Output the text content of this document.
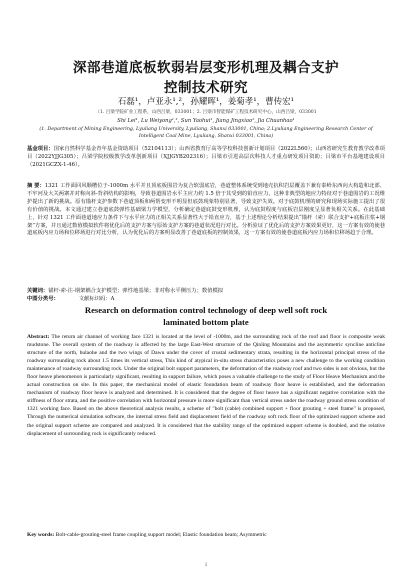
深部巷道底板软弱岩层变形机理及耦合支护
控制技术研究
石磊¹，卢亚永¹,²，孙耀晖¹，姜菊孝¹，曹传宏¹
（1. 吕梁学院矿业工程系，山西吕梁，033001；2. 吕梁市智能煤矿工程技术研究中心，山西吕梁，033001
Shi Lei¹, Lu Weiyong¹,², Sun Yaohui¹, Jiang Jingxiao¹, Jia Chuanhao¹
(1. Department of Mining Engineering, Lyuliang University, Lyuliang, Shanxi 033001, China; 2.Lyuliang Engineering Research Center of Intelligent Coal Mine, Lyuliang, Shanxi 033001, China)
基金项目：国家自然科学基金青年基金资助项目（52104113）；山西省教育厅高等学校科技创新计划项目（2022L560）；山西省研究生教育教学改革项目（2022YJJG305）；吕梁学院校级教学改革创新项目（XJJGYB202316）；吕梁市引进高层次科技人才重点研发项目资助；吕梁市平台基地建设项目（2021GCZX-1-46）。
摘 要：1321 工作面回风顺槽位于-1000m 水平并且顶底板围岩为复合软弱底岩，巷道整体系统受到地壳抗积岩层覆盖下兼有泰岭东西向大构造和北部、不牢河及大关两寨并对称向斜-背斜结构的影响，导致巷道围岩水平主应力约 1.5 倍于其受到的铅直应力，这种非典型的地应力特征对于巷道围岩的工况维护提出了新的挑战。原有锚杆支护参数下巷道顶板和两帮变形不明显但底鼓现象特别显著，导致支护失效。对于底鼓机理的研究和现场实际施工提出了很有价值的挑战。本文通过建立巷道底鼓弹性基础梁力学模型，分析确定巷道底鼓变形机理，认为底鼓程度与底板岩层刚度呈显著负相关关系。在此基础上，针对 1321 工作面巷道地应力条件下与水平应力的正相关关系显著性大于铅直应力，基于上述理论分析结果提出“锚杆（索）联合支护+底板注浆+钢架”方案，并且通过数值模拟软件将优化后的支护方案与原始支护方案的巷道状况进行对比。分析验证了优化后的支护方案效果更好，这一方案有效的使巷道底板内应力场和位移场进行对比分析，认为优化后的方案明显改善了巷道底板的控制效果，这一方案有效的使巷道底板内应力场和位移场趋于合理。
关键词：锚杆-索-注-钢架耦合支护模型；弹性地基梁；非对称水平侧压力；数值模拟
中图分类号：	文献标识码：A
Research on deformation control technology of deep well soft rock
laminated bottom plate
Abstract: The return air channel of working face 1321 is located at the level of -1000m, and the surrounding rock of the roof and floor is composite weak mudstone. The overall system of the roadway is affected by the large East-West structure of the Qinling Mountains and the asymmetric syncline anticline structure of the north, bulaohe and the two wings of Dawu under the cover of crustal sedimentary strata, resulting in the horizontal principal stress of the roadway surrounding rock about 1.5 times its vertical stress, This kind of atypical in-situ stress characteristics poses a new challenge to the working condition maintenance of roadway surrounding rock. Under the original bolt support parameters, the deformation of the roadway roof and two sides is not obvious, but the floor heave phenomenon is particularly significant, resulting in support failure, which poses a valuable challenge to the study of Floor Heave Mechanism and the actual construction on site. In this paper, the mechanical model of elastic foundation beam of roadway floor heave is established, and the deformation mechanism of roadway floor heave is analyzed and determined. It is considered that the degree of floor heave has a significant negative correlation with the stiffness of floor strata, and the positive correlation with horizontal pressure is more significant than vertical stress under the roadway ground stress condition of 1321 working face. Based on the above theoretical analysis results, a scheme of "bolt (cable) combined support + floor grouting + steel frame" is proposed, Through the numerical simulation software, the internal stress field and displacement field of the roadway soft rock floor of the optimized support scheme and the original support scheme are compared and analyzed. It is considered that the stability range of the optimized support scheme is doubled, and the relative displacement of surrounding rock is significantly reduced.
Key words: Bolt-cable-grouting-steel frame coupling support model; Elastic foundation beam; Asymmetric
1
